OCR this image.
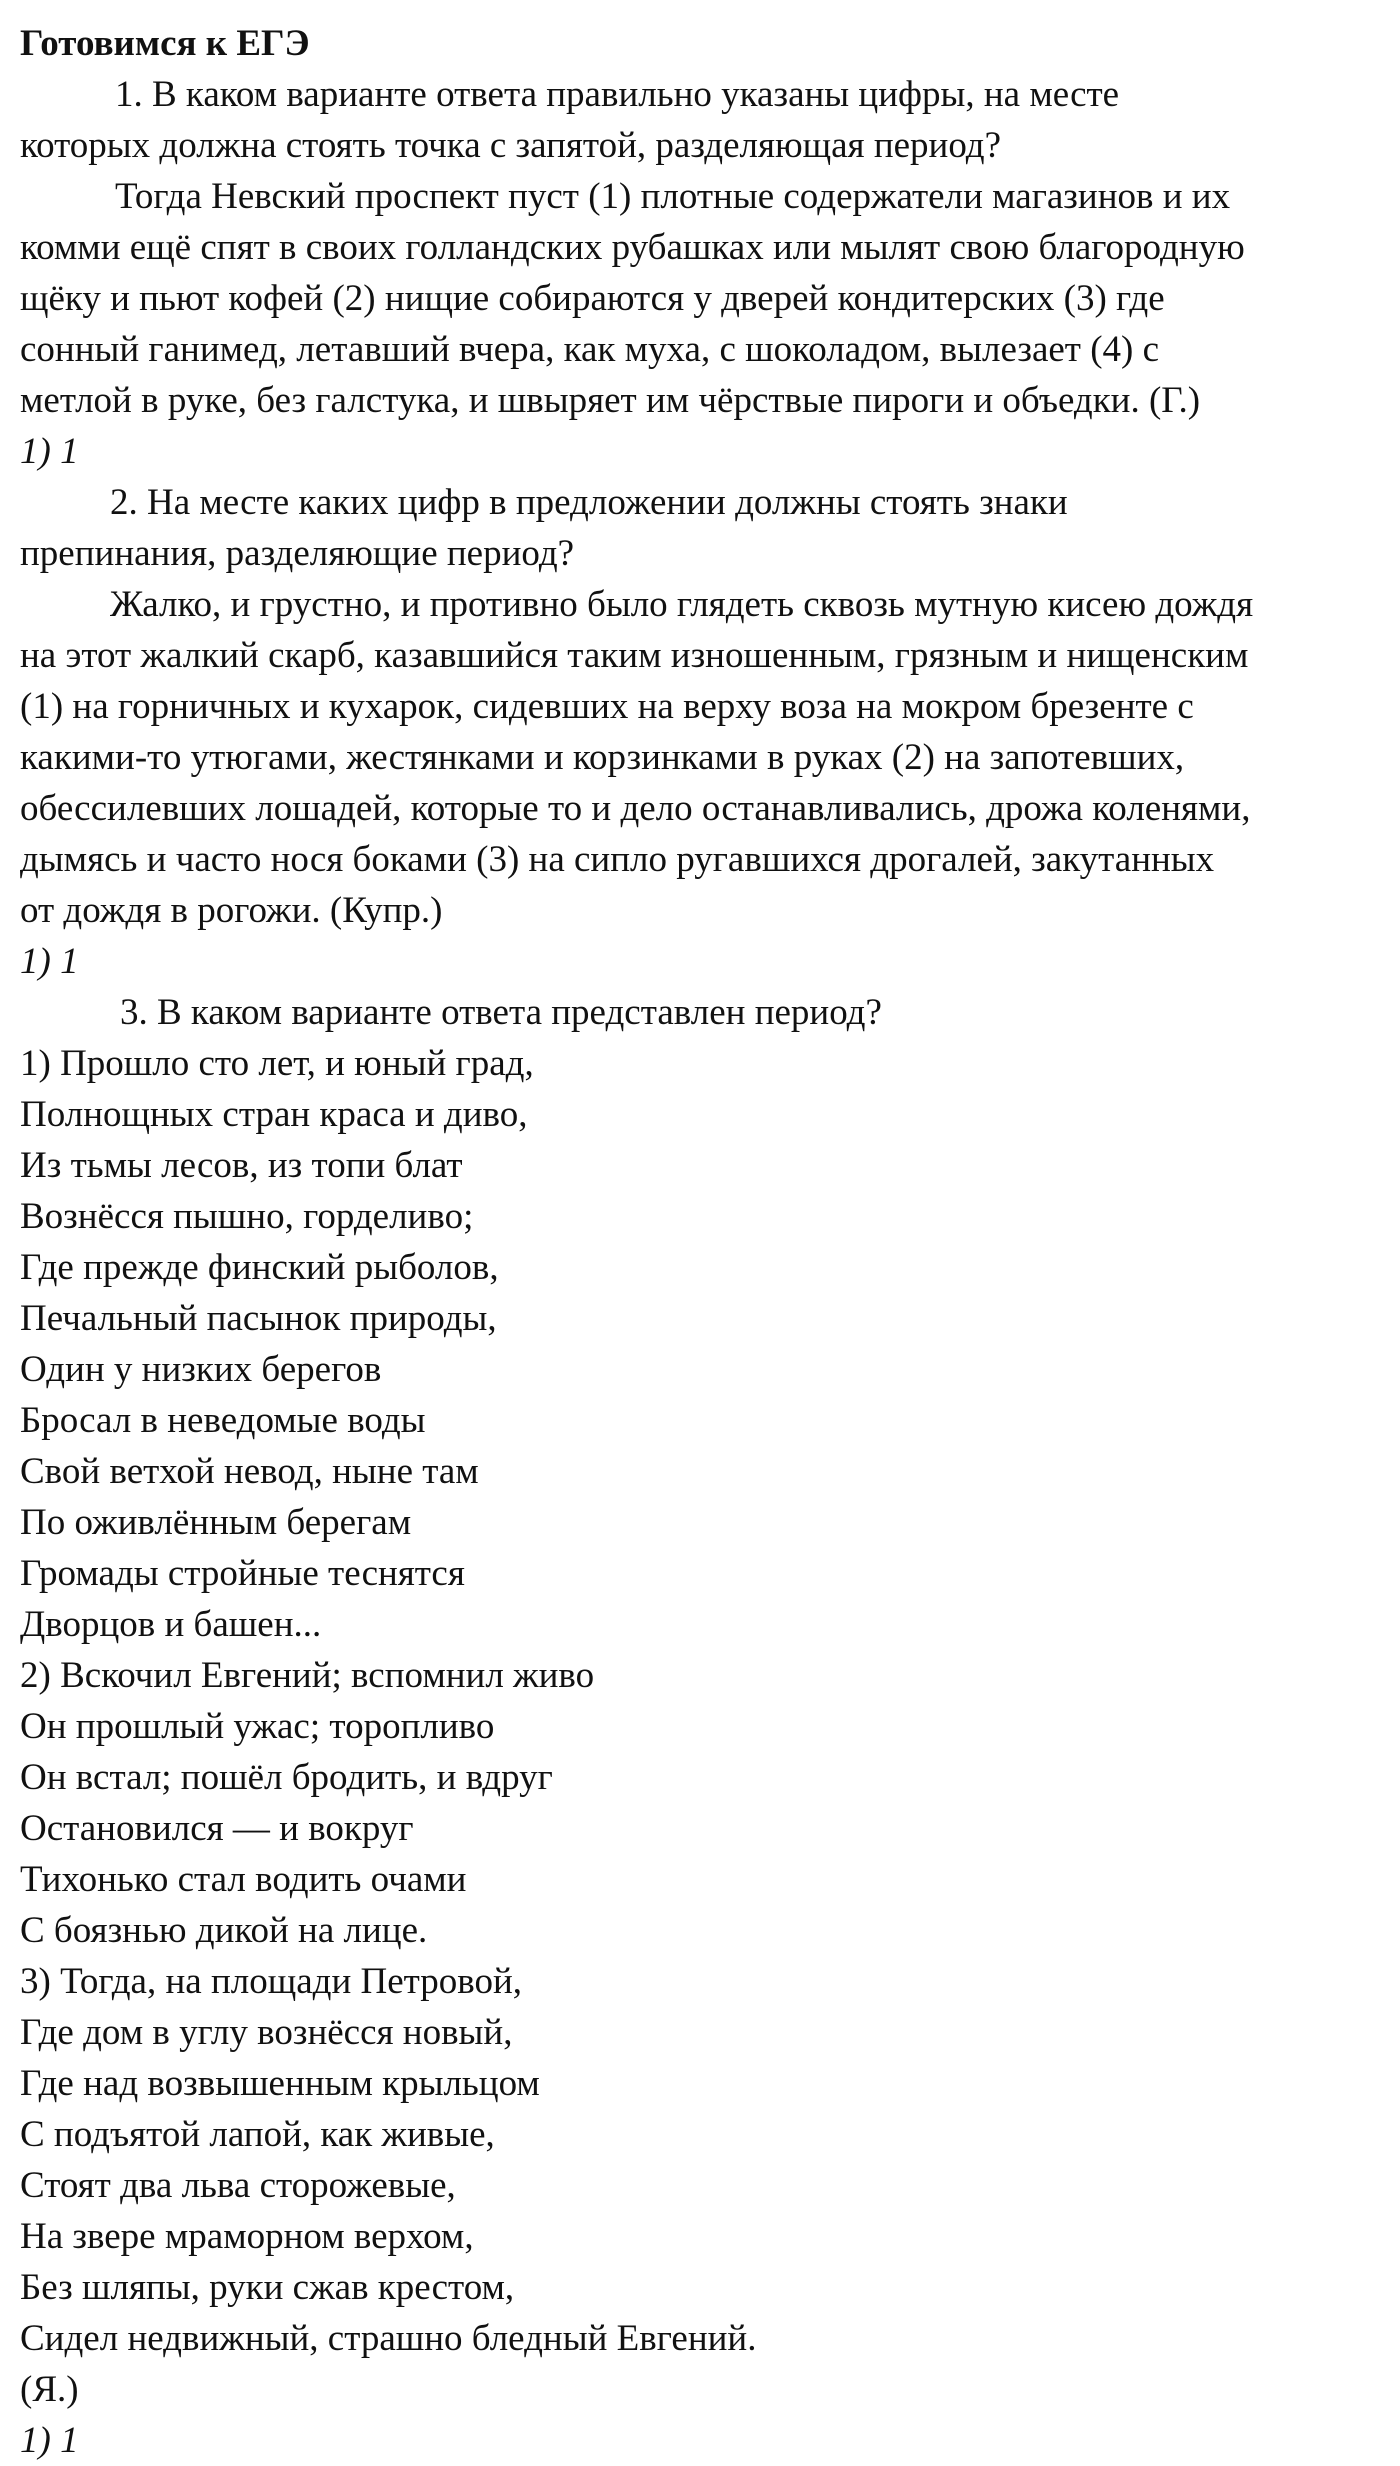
Готовимся к ЕГЭ
1. В каком варианте ответа правильно указаны цифры, на месте
которых должна стоять точка с запятой, разделяющая период?
Тогда Невский проспект пуст (1) плотные содержатели магазинов и их
комми ещё спят в своих голландских рубашках или мылят свою благородную
щёку и пьют кофей (2) нищие собираются у дверей кондитерских (3) где
сонный ганимед, летавший вчера, как муха, с шоколадом, вылезает (4) с
метлой в руке, без галстука, и швыряет им чёрствые пироги и объедки. (Г.)
1) 1
2. На месте каких цифр в предложении должны стоять знаки
препинания, разделяющие период?
Жалко, и грустно, и противно было глядеть сквозь мутную кисею дождя
на этот жалкий скарб, казавшийся таким изношенным, грязным и нищенским
(1) на горничных и кухарок, сидевших на верху воза на мокром брезенте с
какими-то утюгами, жестянками и корзинками в руках (2) на запотевших,
обессилевших лошадей, которые то и дело останавливались, дрожа коленями,
дымясь и часто нося боками (3) на сипло ругавшихся дрогалей, закутанных
от дождя в рогожи. (Купр.)
1) 1
3. В каком варианте ответа представлен период?
1) Прошло сто лет, и юный град,
Полнощных стран краса и диво,
Из тьмы лесов, из топи блат
Вознёсся пышно, горделиво;
Где прежде финский рыболов,
Печальный пасынок природы,
Один у низких берегов
Бросал в неведомые воды
Свой ветхой невод, ныне там
По оживлённым берегам
Громады стройные теснятся
Дворцов и башен...
2) Вскочил Евгений; вспомнил живо
Он прошлый ужас; торопливо
Он встал; пошёл бродить, и вдруг
Остановился — и вокруг
Тихонько стал водить очами
С боязнью дикой на лице.
3) Тогда, на площади Петровой,
Где дом в углу вознёсся новый,
Где над возвышенным крыльцом
С подъятой лапой, как живые,
Стоят два льва сторожевые,
На звере мраморном верхом,
Без шляпы, руки сжав крестом,
Сидел недвижный, страшно бледный Евгений.
(Я.)
1) 1
